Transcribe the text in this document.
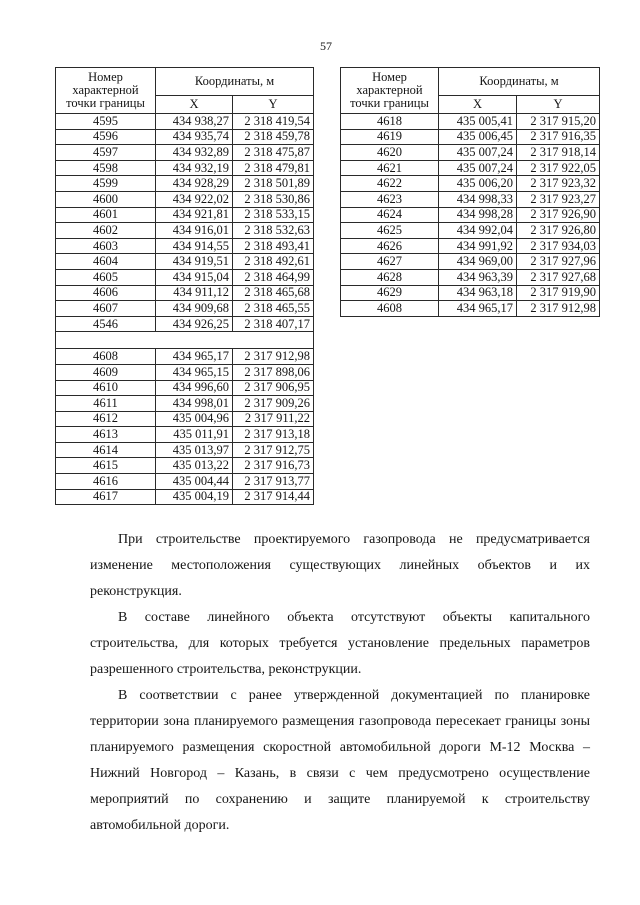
57
Номер характерной точки границы	Координаты, м	
	X	Y
4595	434 938,27	2 318 419,54
4596	434 935,74	2 318 459,78
4597	434 932,89	2 318 475,87
4598	434 932,19	2 318 479,81
4599	434 928,29	2 318 501,89
4600	434 922,02	2 318 530,86
4601	434 921,81	2 318 533,15
4602	434 916,01	2 318 532,63
4603	434 914,55	2 318 493,41
4604	434 919,51	2 318 492,61
4605	434 915,04	2 318 464,99
4606	434 911,12	2 318 465,68
4607	434 909,68	2 318 465,55
4546	434 926,25	2 318 407,17

4608	434 965,17	2 317 912,98
4609	434 965,15	2 317 898,06
4610	434 996,60	2 317 906,95
4611	434 998,01	2 317 909,26
4612	435 004,96	2 317 911,22
4613	435 011,91	2 317 913,18
4614	435 013,97	2 317 912,75
4615	435 013,22	2 317 916,73
4616	435 004,44	2 317 913,77
4617	435 004,19	2 317 914,44
Номер характерной точки границы	Координаты, м	
	X	Y
4618	435 005,41	2 317 915,20
4619	435 006,45	2 317 916,35
4620	435 007,24	2 317 918,14
4621	435 007,24	2 317 922,05
4622	435 006,20	2 317 923,32
4623	434 998,33	2 317 923,27
4624	434 998,28	2 317 926,90
4625	434 992,04	2 317 926,80
4626	434 991,92	2 317 934,03
4627	434 969,00	2 317 927,96
4628	434 963,39	2 317 927,68
4629	434 963,18	2 317 919,90
4608	434 965,17	2 317 912,98
При строительстве проектируемого газопровода не предусматривается
изменение местоположения существующих линейных объектов и их
реконструкция.
В составе линейного объекта отсутствуют объекты капитального
строительства, для которых требуется установление предельных параметров
разрешенного строительства, реконструкции.
В соответствии с ранее утвержденной документацией по планировке
территории зона планируемого размещения газопровода пересекает границы зоны
планируемого размещения скоростной автомобильной дороги М-12 Москва –
Нижний Новгород – Казань, в связи с чем предусмотрено осуществление
мероприятий по сохранению и защите планируемой к строительству
автомобильной дороги.
